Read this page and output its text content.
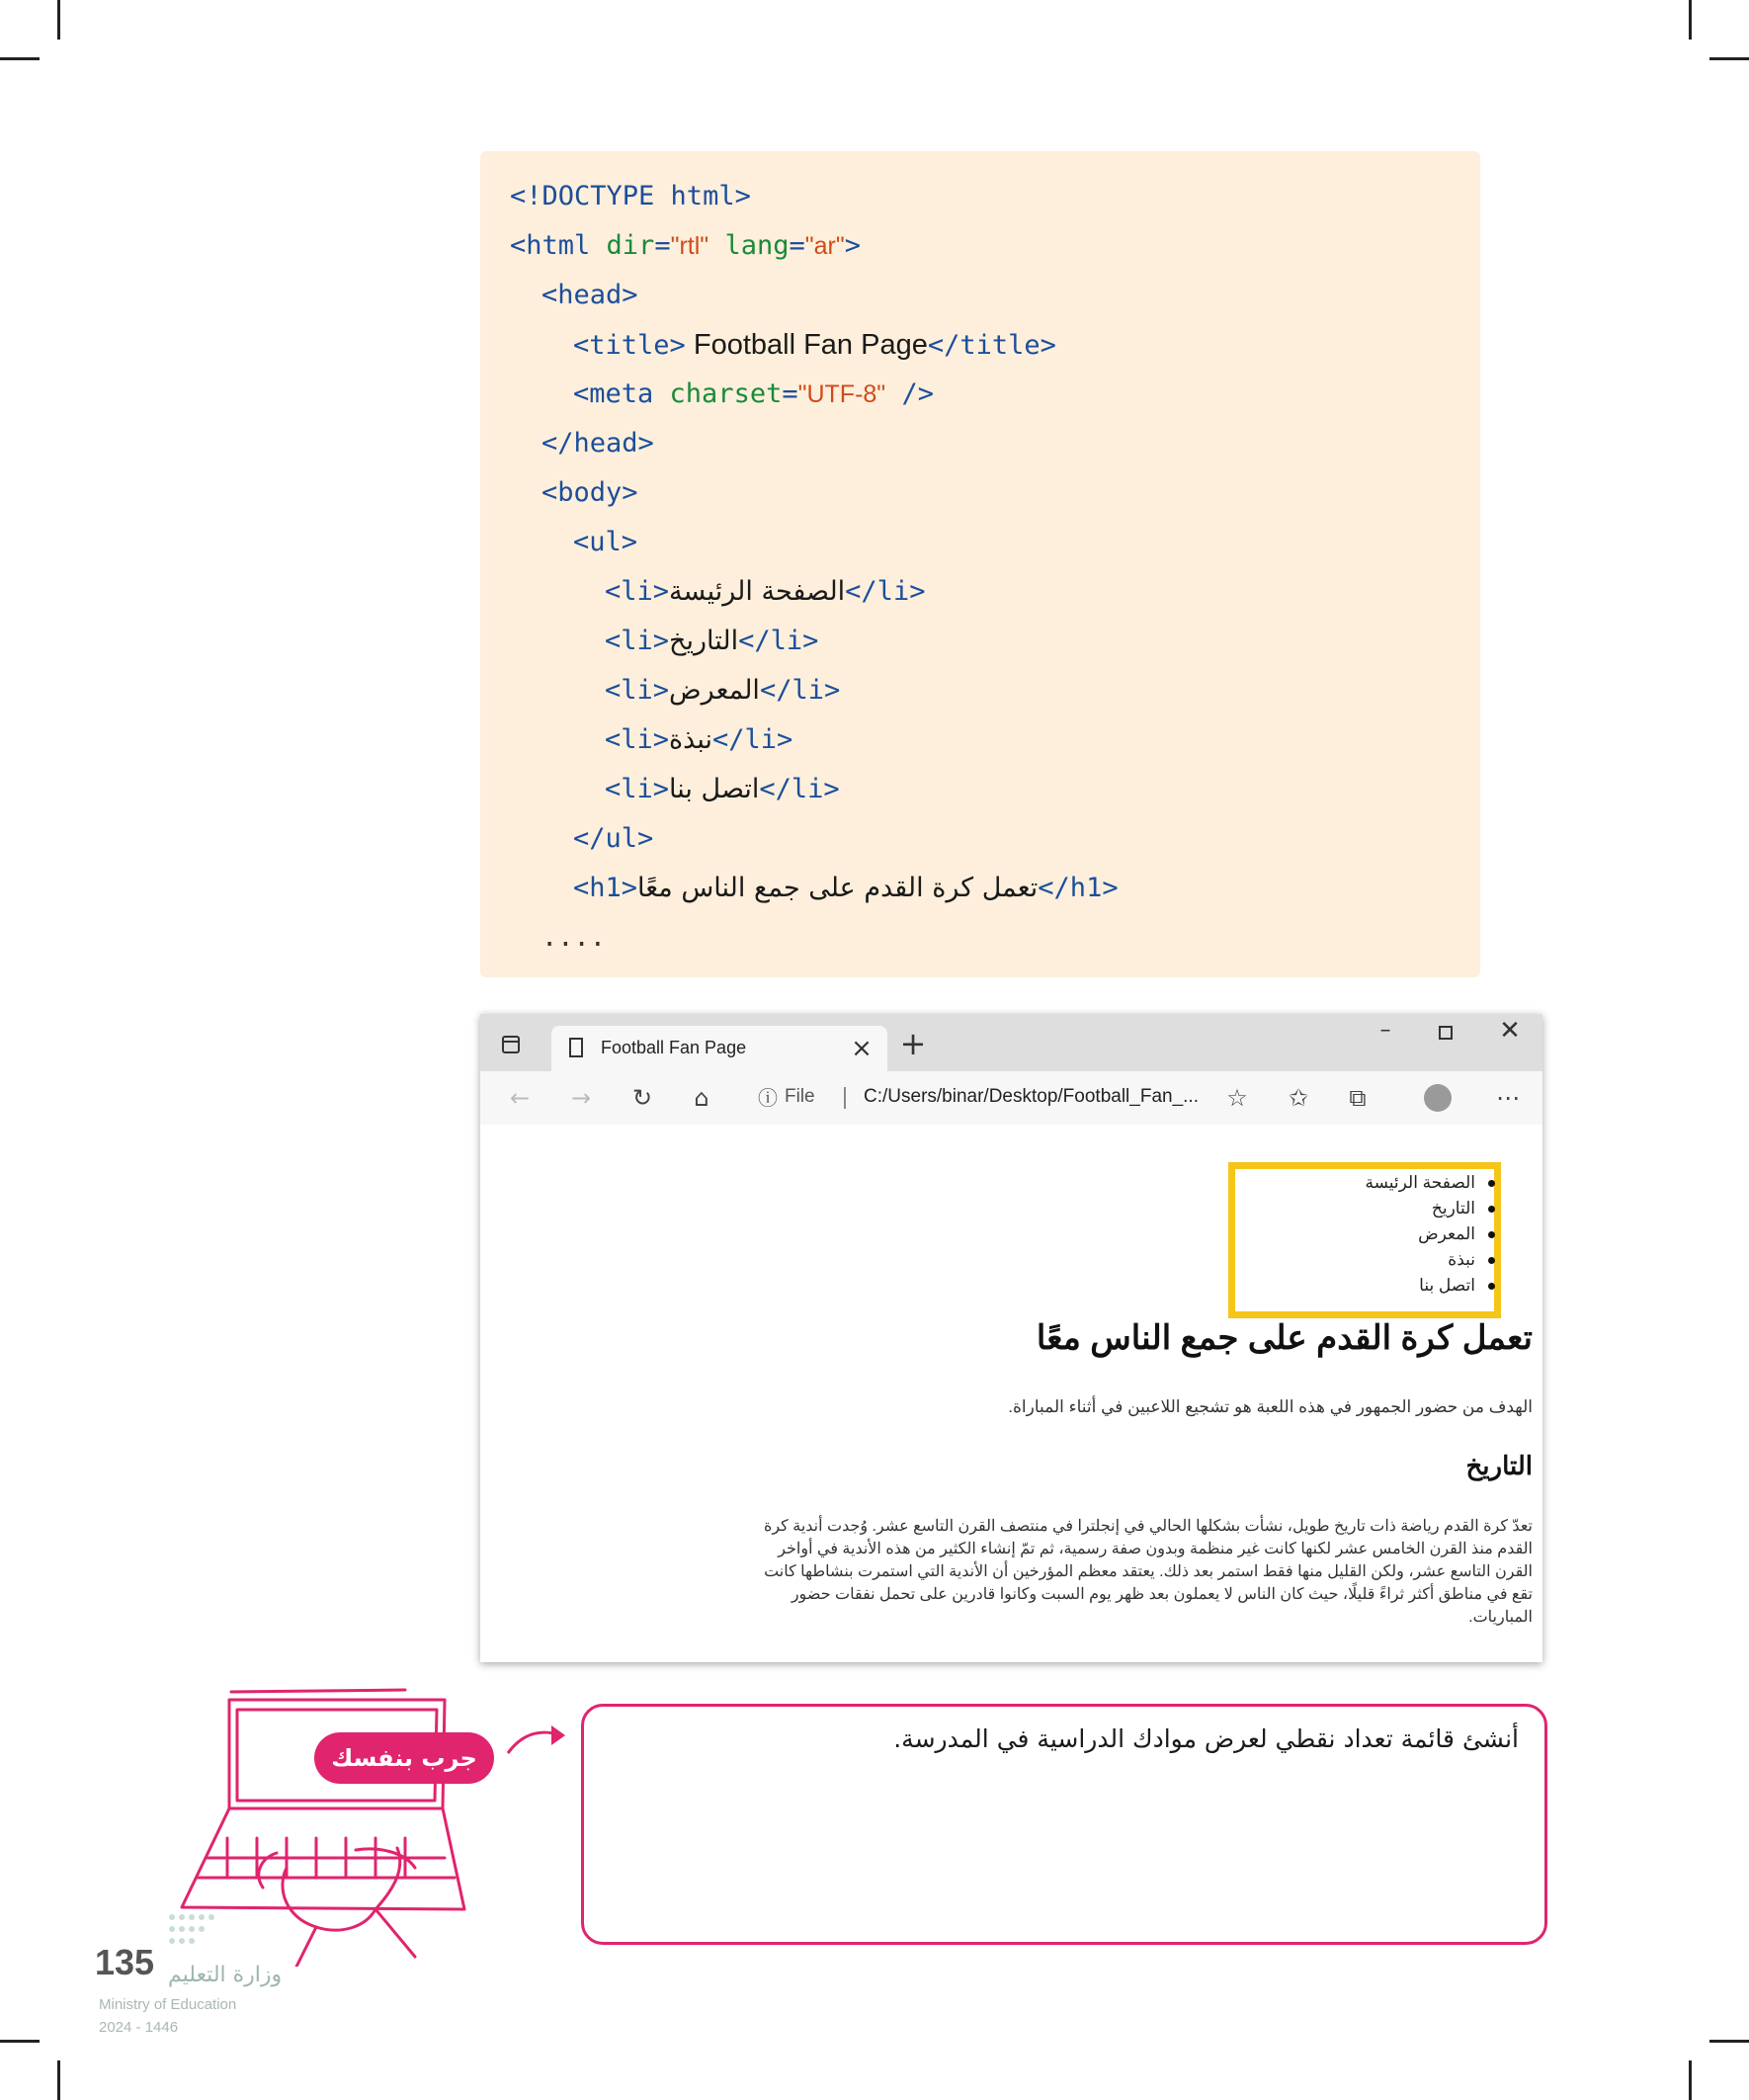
<!DOCTYPE html>
<html dir="rtl" lang="ar">
<head>
<title> Football Fan Page</title>
<meta charset="UTF-8" />
</head>
<body>
<ul>
<li>الصفحة الرئيسة</li>
<li>التاريخ</li>
<li>المعرض</li>
<li>نبذة</li>
<li>اتصل بنا</li>
</ul>
<h1>تعمل كرة القدم على جمع الناس معًا</h1>
....
Football Fan Page	× +	–	✕
←	→	↻	⌂	ⓘ File	C:/Users/binar/Desktop/Football_Fan_...	☆	✩	⧉	⋯
الصفحة الرئيسة
التاريخ
المعرض
نبذة
اتصل بنا
تعمل كرة القدم على جمع الناس معًا
الهدف من حضور الجمهور في هذه اللعبة هو تشجيع اللاعبين في أثناء المباراة.
التاريخ
تعدّ كرة القدم رياضة ذات تاريخ طويل، نشأت بشكلها الحالي في إنجلترا في منتصف القرن التاسع عشر. وُجدت أندية كرة القدم منذ القرن الخامس عشر لكنها كانت غير منظمة وبدون صفة رسمية، ثم تمّ إنشاء الكثير من هذه الأندية في أواخر القرن التاسع عشر، ولكن القليل منها فقط استمر بعد ذلك. يعتقد معظم المؤرخين أن الأندية التي استمرت بنشاطها كانت تقع في مناطق أكثر ثراءً قليلًا، حيث كان الناس لا يعملون بعد ظهر يوم السبت وكانوا قادرين على تحمل نفقات حضور المباريات.
جرب بنفسك
أنشئ قائمة تعداد نقطي لعرض موادك الدراسية في المدرسة.
135 وزارة التعليم
Ministry of Education
2024 - 1446
